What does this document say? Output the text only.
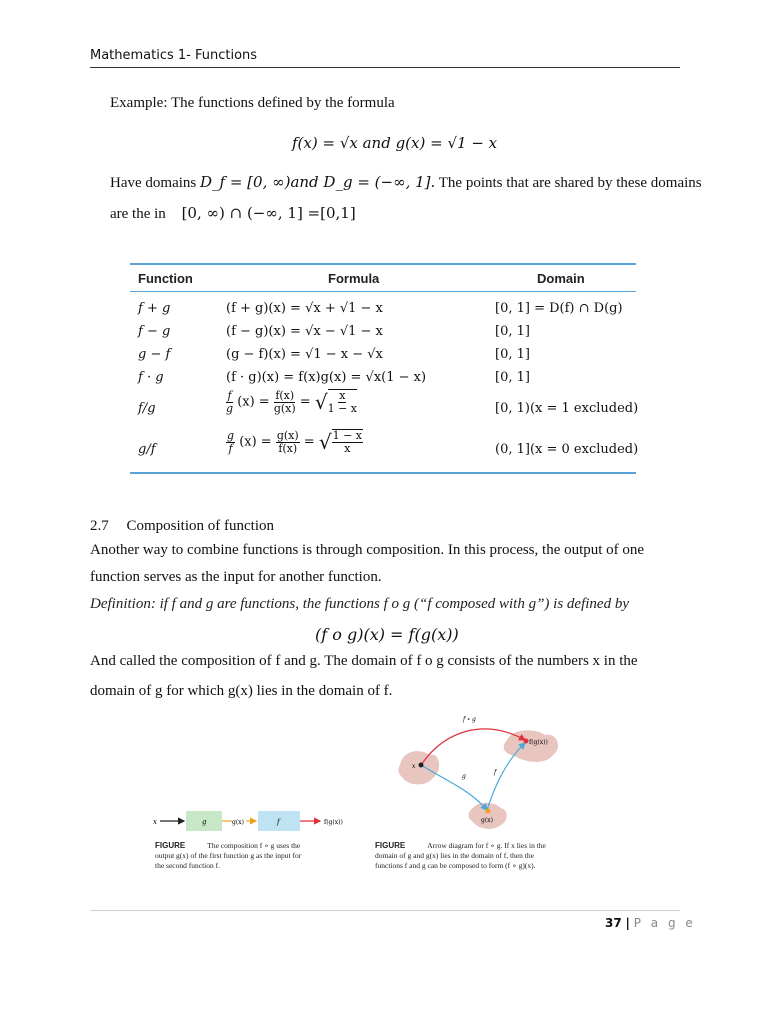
Mathematics 1- Functions
Example: The functions defined by the formula
f(x) = √x and g(x) = √1 − x
Have domains D_f = [0, ∞)and D_g = (−∞, 1]. The points that are shared by these domains
are the in [0, ∞) ∩ (−∞, 1] =[0,1]
Function	Formula	Domain
f + g	(f + g)(x) = √x + √1 − x	[0, 1] = D(f) ∩ D(g)
f − g	(f − g)(x) = √x − √1 − x	[0, 1]
g − f	(g − f)(x) = √1 − x − √x	[0, 1]
f · g	(f · g)(x) = f(x)g(x) = √x(1 − x)	[0, 1]
f/g	$\frac{f}{g} (x) = \frac{f(x)}{g(x)}$ = √ $\frac{x}{1 - x}$	[0, 1)(x = 1 excluded)
g/f	$\frac{g}{f} (x) = \frac{g(x)}{f(x)}$ = √ $\frac{1 - x}{x}$	(0, 1](x = 0 excluded)
2.7 Composition of function
Another way to combine functions is through composition. In this process, the output of one
function serves as the input for another function.
Definition: if f and g are functions, the functions f o g (“f composed with g”) is defined by
(f o g)(x) = f(g(x))
And called the composition of f and g. The domain of f o g consists of the numbers x in the
domain of g for which g(x) lies in the domain of f.
x	g	g(x)	f	f(g(x))
FIGURE	The composition f ∘ g uses the
output g(x) of the first function g as the input for
the second function f.
f ∘ g
f(g(x))
x
g
f
g(x)
FIGURE	Arrow diagram for f ∘ g. If x lies in the
domain of g and g(x) lies in the domain of f, then the
functions f and g can be composed to form (f ∘ g)(x).
37 | P a g e
